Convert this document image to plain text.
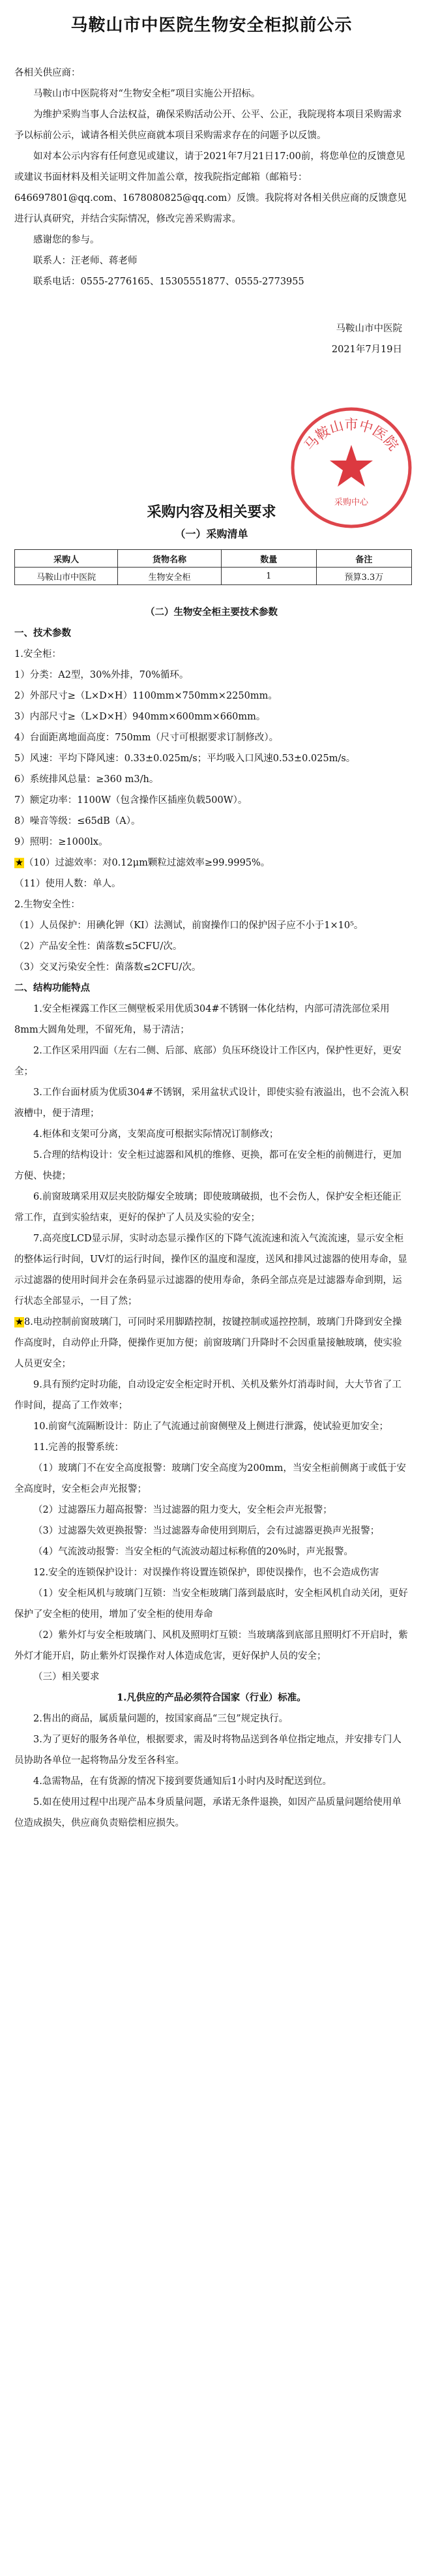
马鞍山市中医院生物安全柜拟前公示

各相关供应商：

马鞍山市中医院将对“生物安全柜”项目实施公开招标。

为维护采购当事人合法权益，确保采购活动公开、公平、公正，我院现将本项目采购需求予以标前公示，诚请各相关供应商就本项目采购需求存在的问题予以反馈。

如对本公示内容有任何意见或建议，请于2021年7月21日17:00前，将您单位的反馈意见或建议书面材料及相关证明文件加盖公章，按我院指定邮箱（邮箱号：646697801@qq.com、1678080825@qq.com）反馈。我院将对各相关供应商的反馈意见进行认真研究，并结合实际情况，修改完善采购需求。

感谢您的参与。

联系人：汪老师、蒋老师

联系电话：0555-2776165、15305551877、0555-2773955

马鞍山市中医院

2021年7月19日

马鞍山市中医院
采购中心
采购内容及相关要求
（一）采购清单
采购人	货物名称	数量	备注
马鞍山市中医院	生物安全柜	1	预算3.3万

（二）生物安全柜主要技术参数

一、技术参数

1.安全柜：

1）分类：A2型，30%外排，70%循环。

2）外部尺寸≥（L×D×H）1100mm×750mm×2250mm。

3）内部尺寸≥（L×D×H）940mm×600mm×660mm。

4）台面距离地面高度：750mm（尺寸可根据要求订制修改）。

5）风速：平均下降风速：0.33±0.025m/s；平均吸入口风速0.53±0.025m/s。

6）系统排风总量：≥360 m3/h。

7）额定功率：1100W（包含操作区插座负载500W）。

8）噪音等级：≤65dB（A）。

9）照明：≥1000lx。

★（10）过滤效率：对0.12μm颗粒过滤效率≥99.9995%。

（11）使用人数：单人。

2.生物安全性：

（1）人员保护：用碘化钾（KI）法测试，前窗操作口的保护因子应不小于1×10⁵。

（2）产品安全性：菌落数≤5CFU/次。

（3）交叉污染安全性：菌落数≤2CFU/次。

二、结构功能特点

1.安全柜裸露工作区三侧壁板采用优质304#不锈钢一体化结构，内部可清洗部位采用8mm大圆角处理，不留死角，易于清洁；

2.工作区采用四面（左右二侧、后部、底部）负压环绕设计工作区内，保护性更好，更安全；

3.工作台面材质为优质304#不锈钢，采用盆状式设计，即使实验有液溢出，也不会流入积液槽中，便于清理；

4.柜体和支架可分离，支架高度可根据实际情况订制修改；

5.合理的结构设计：安全柜过滤器和风机的维修、更换，都可在安全柜的前侧进行，更加方便、快捷；

6.前窗玻璃采用双层夹胶防爆安全玻璃；即使玻璃破损，也不会伤人，保护安全柜还能正常工作，直到实验结束，更好的保护了人员及实验的安全；

7.高亮度LCD显示屏，实时动态显示操作区的下降气流流速和流入气流流速，显示安全柜的整体运行时间，UV灯的运行时间，操作区的温度和湿度，送风和排风过滤器的使用寿命，显示过滤器的使用时间并会在条码显示过滤器的使用寿命，条码全部点亮是过滤器寿命到期，运行状态全部显示，一目了然；

★8.电动控制前窗玻璃门，可同时采用脚踏控制，按键控制或遥控控制，玻璃门升降到安全操作高度时，自动停止升降，便操作更加方便；前窗玻璃门升降时不会因重量接触玻璃，使实验人员更安全；

9.具有预约定时功能，自动设定安全柜定时开机、关机及紫外灯消毒时间，大大节省了工作时间，提高了工作效率；

10.前窗气流隔断设计：防止了气流通过前窗侧壁及上侧进行泄露，使试验更加安全；

11.完善的报警系统：

（1）玻璃门不在安全高度报警：玻璃门安全高度为200mm，当安全柜前侧离于或低于安全高度时，安全柜会声光报警；

（2）过滤器压力超高报警：当过滤器的阻力变大，安全柜会声光报警；

（3）过滤器失效更换报警：当过滤器寿命使用到期后，会有过滤器更换声光报警；

（4）气流波动报警：当安全柜的气流波动超过标称值的20%时，声光报警。

12.安全的连锁保护设计：对误操作将设置连锁保护，即使误操作，也不会造成伤害

（1）安全柜风机与玻璃门互锁：当安全柜玻璃门落到最底时，安全柜风机自动关闭，更好保护了安全柜的使用，增加了安全柜的使用寿命

（2）紫外灯与安全柜玻璃门、风机及照明灯互锁：当玻璃落到底部且照明灯不开启时，紫外灯才能开启，防止紫外灯误操作对人体造成危害，更好保护人员的安全；

（三）相关要求

1.凡供应的产品必须符合国家（行业）标准。

2.售出的商品，属质量问题的，按国家商品“三包”规定执行。

3.为了更好的服务各单位，根据要求，需及时将物品送到各单位指定地点，并安排专门人员协助各单位一起将物品分发至各科室。

4.急需物品，在有货源的情况下接到要货通知后1小时内及时配送到位。

5.如在使用过程中出现产品本身质量问题，承诺无条件退换，如因产品质量问题给使用单位造成损失，供应商负责赔偿相应损失。
